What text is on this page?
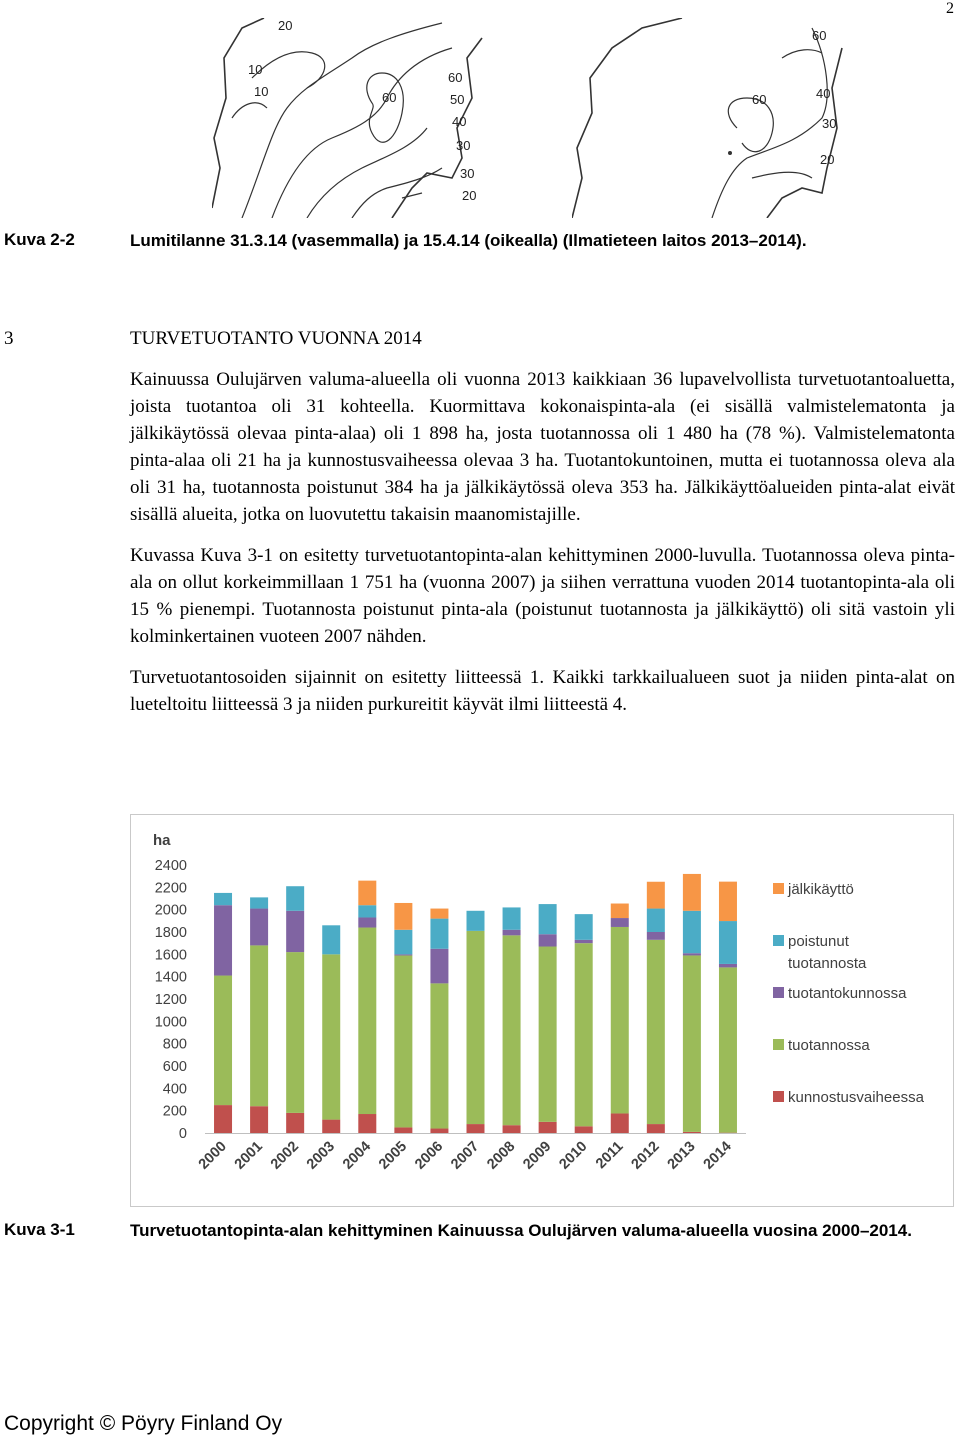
2
20
10
10	60
60
50
40
30
30
20
60
60	40
30
20
Kuva 2-2	Lumitilanne 31.3.14 (vasemmalla) ja 15.4.14 (oikealla) (Ilmatieteen laitos 2013–2014).
3	TURVETUOTANTO VUONNA 2014

Kainuussa Oulujärven valuma-alueella oli vuonna 2013 kaikkiaan 36 lupavelvollista turvetuotantoaluetta, joista tuotantoa oli 31 kohteella. Kuormittava kokonaispinta-ala (ei sisällä valmistelematonta ja jälkikäytössä olevaa pinta-alaa) oli 1 898 ha, josta tuotannossa oli 1 480 ha (78 %). Valmistelematonta pinta-alaa oli 21 ha ja kunnostusvaiheessa olevaa 3 ha. Tuotantokuntoinen, mutta ei tuotannossa oleva ala oli 31 ha, tuotannosta poistunut 384 ha ja jälkikäytössä oleva 353 ha. Jälkikäyttöalueiden pinta-alat eivät sisällä alueita, jotka on luovutettu takaisin maanomistajille.

Kuvassa Kuva 3-1 on esitetty turvetuotantopinta-alan kehittyminen 2000-luvulla. Tuotannossa oleva pinta-ala on ollut korkeimmillaan 1 751 ha (vuonna 2007) ja siihen verrattuna vuoden 2014 tuotantopinta-ala oli 15 % pienempi. Tuotannosta poistunut pinta-ala (poistunut tuotannosta ja jälkikäyttö) oli sitä vastoin yli kolminkertainen vuoteen 2007 nähden.

Turvetuotantosoiden sijainnit on esitetty liitteessä 1. Kaikki tarkkailualueen suot ja niiden pinta-alat on lueteltoitu liitteessä 3 ja niiden purkureitit käyvät ilmi liitteestä 4.

ha
0
200
400
600
800
1000
1200
1400
1600
1800
2000
2200
2400
2000 2001 2002 2003 2004 2005 2006 2007 2008 2009 2010 2011 2012 2013 2014
jälkikäyttö
poistunut
tuotannosta
tuotantokunnossa
tuotannossa
kunnostusvaiheessa
Kuva 3-1	Turvetuotantopinta-alan kehittyminen Kainuussa Oulujärven valuma-alueella vuosina 2000–2014.
Copyright © Pöyry Finland Oy
